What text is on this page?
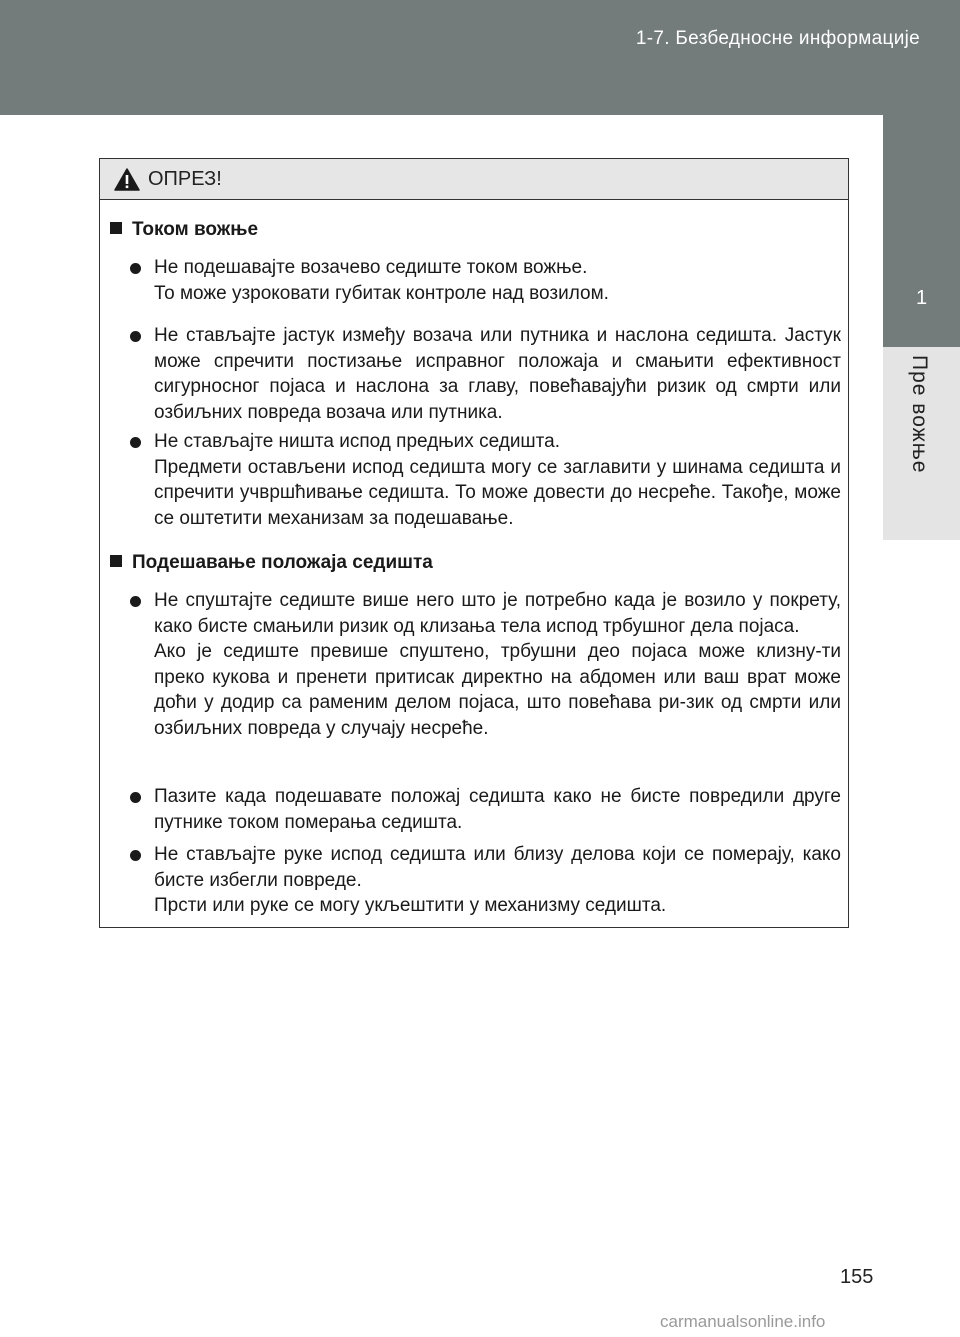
1-7. Безбедносне информације
1
Пре вожње
ОПРЕЗ!
Током вожње

Не подешавајте возачево седиште током вожње.

То може узроковати губитак контроле над возилом.

Не стављајте јастук између возача или путника и наслона седишта. Јастук може спречити постизање исправног положаја и смањити ефективност сигурносног појаса и наслона за главу, повећавајући ризик од смрти или озбиљних повреда возача или путника.

Не стављајте ништа испод предњих седишта.

Предмети остављени испод седишта могу се заглавити у шинама седишта и спречити учвршћивање седишта. То може довести до несреће. Такође, може се оштетити механизам за подешавање.

Подешавање положаја седишта

Не спуштајте седиште више него што је потребно када је возило у покрету, како бисте смањили ризик од клизања тела испод трбушног дела појаса.

Ако је седиште превише спуштено, трбушни део појаса може клизну-ти преко кукова и пренети притисак директно на абдомен или ваш врат може доћи у додир са раменим делом појаса, што повећава ри-зик од смрти или озбиљних повреда у случају несреће.

Пазите када подешавате положај седишта како не бисте повредили друге путнике током померања седишта.

Не стављајте руке испод седишта или близу делова који се померају, како бисте избегли повреде.

Прсти или руке се могу укљештити у механизму седишта.

155
carmanualsonline.info
